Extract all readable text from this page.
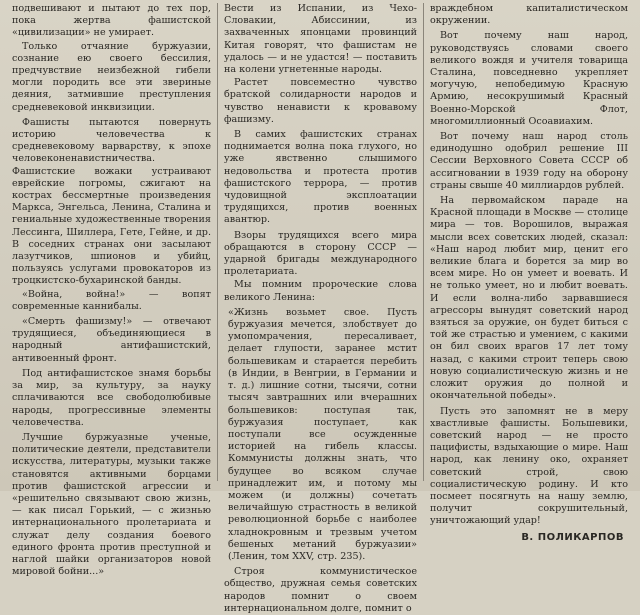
подвешивают и пытают до тех пор, пока жертва фашистской «цивилизации» не умирает.

Только отчаяние буржуазии, сознание ею своего бессилия, предчувствие неизбежной гибели могли породить все эти звериные деяния, затмившие преступления средневековой инквизиции.

Фашисты пытаются повернуть историю человечества к средневековому варварству, к эпохе человеконенавистничества. Фашистские вожаки устраивают еврейские погромы, сжигают на кострах бессмертные произведения Маркса, Энгельса, Ленина, Сталина и гениальные художественные творения Лессинга, Шиллера, Гете, Гейне, и др. В соседних странах они засылают лазутчиков, шпионов и убийц, пользуясь услугами провокаторов из троцкистско-бухаринской банды.

«Война, война!» — вопят современные каннибалы.

«Смерть фашизму!» — отвечают трудящиеся, объединяющиеся в народный антифашистский, антивоенный фронт.

Под антифашистское знамя борьбы за мир, за культуру, за науку сплачиваются все свободолюбивые народы, прогрессивные элементы человечества.

Лучшие буржуазные ученые, политические деятели, представители искусства, литературы, музыки также становятся активными борцами против фашистской агрессии и «решительно связывают свою жизнь, — как писал Горький, — с жизнью интернационального пролетариата и служат делу создания боевого единого фронта против преступной и наглой шайки организаторов новой мировой бойни...»

Вести из Испании, из Чехо-Словакии, Абиссинии, из захваченных японцами провинций Китая говорят, что фашистам не удалось — и не удастся! — поставить на колени угнетенные народы.

Растет повсеместно чувство братской солидарности народов и чувство ненависти к кровавому фашизму.

В самих фашистских странах поднимается волна пока глухого, но уже явственно слышимого недовольства и протеста против фашистского террора, — против чудовищной эксплоатации трудящихся, против военных авантюр.

Взоры трудящихся всего мира обращаются в сторону СССР — ударной бригады международного пролетариата.

Мы помним пророческие слова великого Ленина:

«Жизнь возьмет свое. Пусть буржуазия мечется, злобствует до умопомрачения, пересаливает, делает глупости, заранее мстит большевикам и старается перебить (в Индии, в Венгрии, в Германии и т. д.) лишние сотни, тысячи, сотни тысяч завтрашних или вчерашних большевиков: поступая так, буржуазия поступает, как поступали все осужденные историей на гибель классы. Коммунисты должны знать, что будущее во всяком случае принадлежит им, и потому мы можем (и должны) сочетать величайшую страстность в великой революционной борьбе с наиболее хладнокровным и трезвым учетом бешеных метаний буржуазии» (Ленин, том XXV, стр. 235).

Строя коммунистическое общество, дружная семья советских народов помнит о своем интернациональном долге, помнит о

враждебном капиталистическом окружении.

Вот почему наш народ, руководствуясь словами своего великого вождя и учителя товарища Сталина, повседневно укрепляет могучую, непобедимую Красную Армию, несокрушимый Красный Военно-Морской Флот, многомиллионный Осоавиахим.

Вот почему наш народ столь единодушно одобрил решение III Сессии Верховного Совета СССР об ассигновании в 1939 году на оборону страны свыше 40 миллиардов рублей.

На первомайском параде на Красной площади в Москве — столице мира — тов. Ворошилов, выражая мысли всех советских людей, сказал: «Наш народ любит мир, ценит его великие блага и борется за мир во всем мире. Но он умеет и воевать. И не только умеет, но и любит воевать. И если волна-либо зарвавшиеся агрессоры вынудят советский народ взяться за оружие, он будет биться с той же страстью и умением, с какими он бил своих врагов 17 лет тому назад, с какими строит теперь свою новую социалистическую жизнь и не сложит оружия до полной и окончательной победы».

Пусть это запомнят не в меру хвастливые фашисты. Большевики, советский народ — не просто пацифисты, вздыхающие о мире. Наш народ, как ленину око, охраняет советский строй, свою социалистическую родину. И кто посмеет посягнуть на нашу землю, получит сокрушительный, уничтожающий удар!

В. ПОЛИКАРПОВ
